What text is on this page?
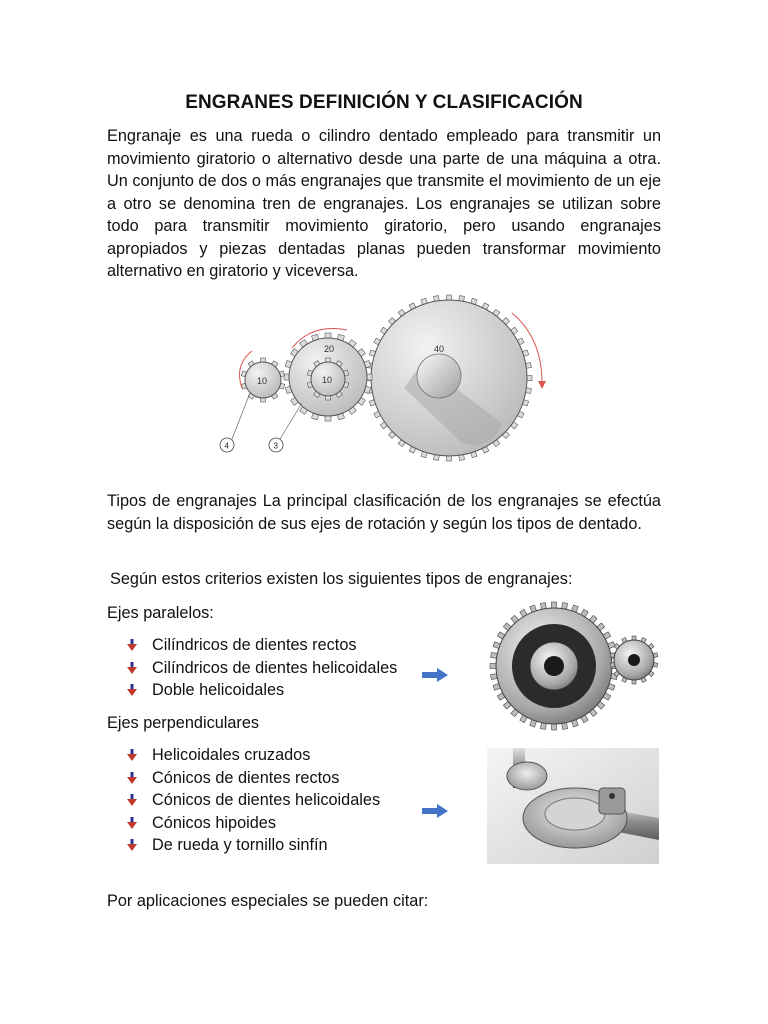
ENGRANES DEFINICIÓN Y CLASIFICACIÓN
Engranaje es una rueda o cilindro dentado empleado para transmitir un movimiento giratorio o alternativo desde una parte de una máquina a otra. Un conjunto de dos o más engranajes que transmite el movimiento de un eje a otro se denomina tren de engranajes. Los engranajes se utilizan sobre todo para transmitir movimiento giratorio, pero usando engranajes apropiados y piezas dentadas planas pueden transformar movimiento alternativo en giratorio y viceversa.
40
20
10
10
4	3
Tipos de engranajes La principal clasificación de los engranajes se efectúa según la disposición de sus ejes de rotación y según los tipos de dentado.
Según estos criterios existen los siguientes tipos de engranajes:
Ejes paralelos:
Cilíndricos de dientes rectos
Cilíndricos de dientes helicoidales
Doble helicoidales
Ejes perpendiculares
Helicoidales cruzados
Cónicos de dientes rectos
Cónicos de dientes helicoidales
Cónicos hipoides
De rueda y tornillo sinfín
Por aplicaciones especiales se pueden citar:
